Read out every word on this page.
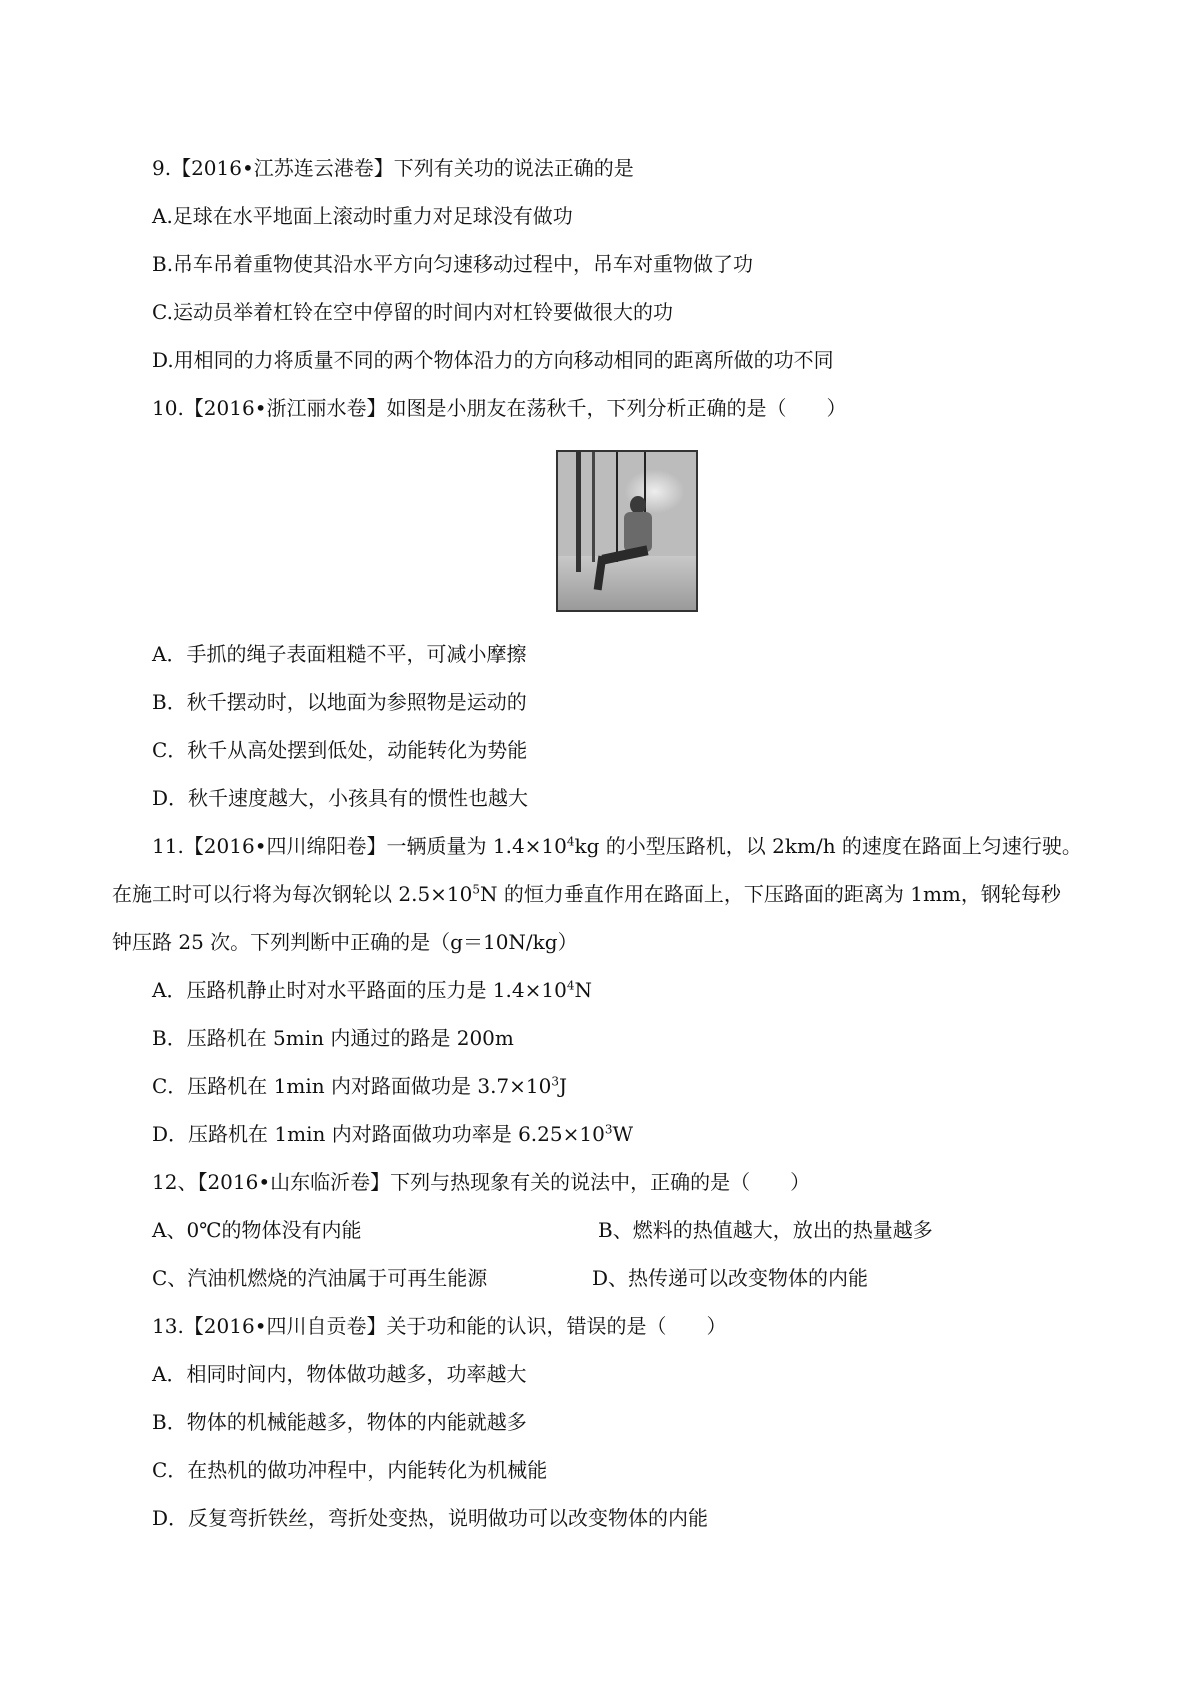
9.【2016•江苏连云港卷】下列有关功的说法正确的是
A.足球在水平地面上滚动时重力对足球没有做功
B.吊车吊着重物使其沿水平方向匀速移动过程中，吊车对重物做了功
C.运动员举着杠铃在空中停留的时间内对杠铃要做很大的功
D.用相同的力将质量不同的两个物体沿力的方向移动相同的距离所做的功不同
10.【2016•浙江丽水卷】如图是小朋友在荡秋千，下列分析正确的是（　　）
A．手抓的绳子表面粗糙不平，可减小摩擦
B．秋千摆动时，以地面为参照物是运动的
C．秋千从高处摆到低处，动能转化为势能
D．秋千速度越大，小孩具有的惯性也越大
11.【2016•四川绵阳卷】一辆质量为 $1.4\times 10^4kg$ 的小型压路机，以 2km/h 的速度在路面上匀速行驶。
在施工时可以行将为每次钢轮以 $2.5\times 10^5N$ 的恒力垂直作用在路面上，下压路面的距离为 1mm，钢轮每秒
钟压路 25 次。下列判断中正确的是（g＝10N/kg）
A．压路机静止时对水平路面的压力是 $1.4\times 10^4N$
B．压路机在 5min 内通过的路是 200m
C．压路机在 1min 内对路面做功是 $3.7\times 10^3J$
D．压路机在 1min 内对路面做功功率是 $6.25\times 10^3W$
12、【2016•山东临沂卷】下列与热现象有关的说法中，正确的是（　　）
A、0℃的物体没有内能	B、燃料的热值越大，放出的热量越多
C、汽油机燃烧的汽油属于可再生能源	D、热传递可以改变物体的内能
13.【2016•四川自贡卷】关于功和能的认识，错误的是（　　）
A．相同时间内，物体做功越多，功率越大
B．物体的机械能越多，物体的内能就越多
C．在热机的做功冲程中，内能转化为机械能
D．反复弯折铁丝，弯折处变热，说明做功可以改变物体的内能
